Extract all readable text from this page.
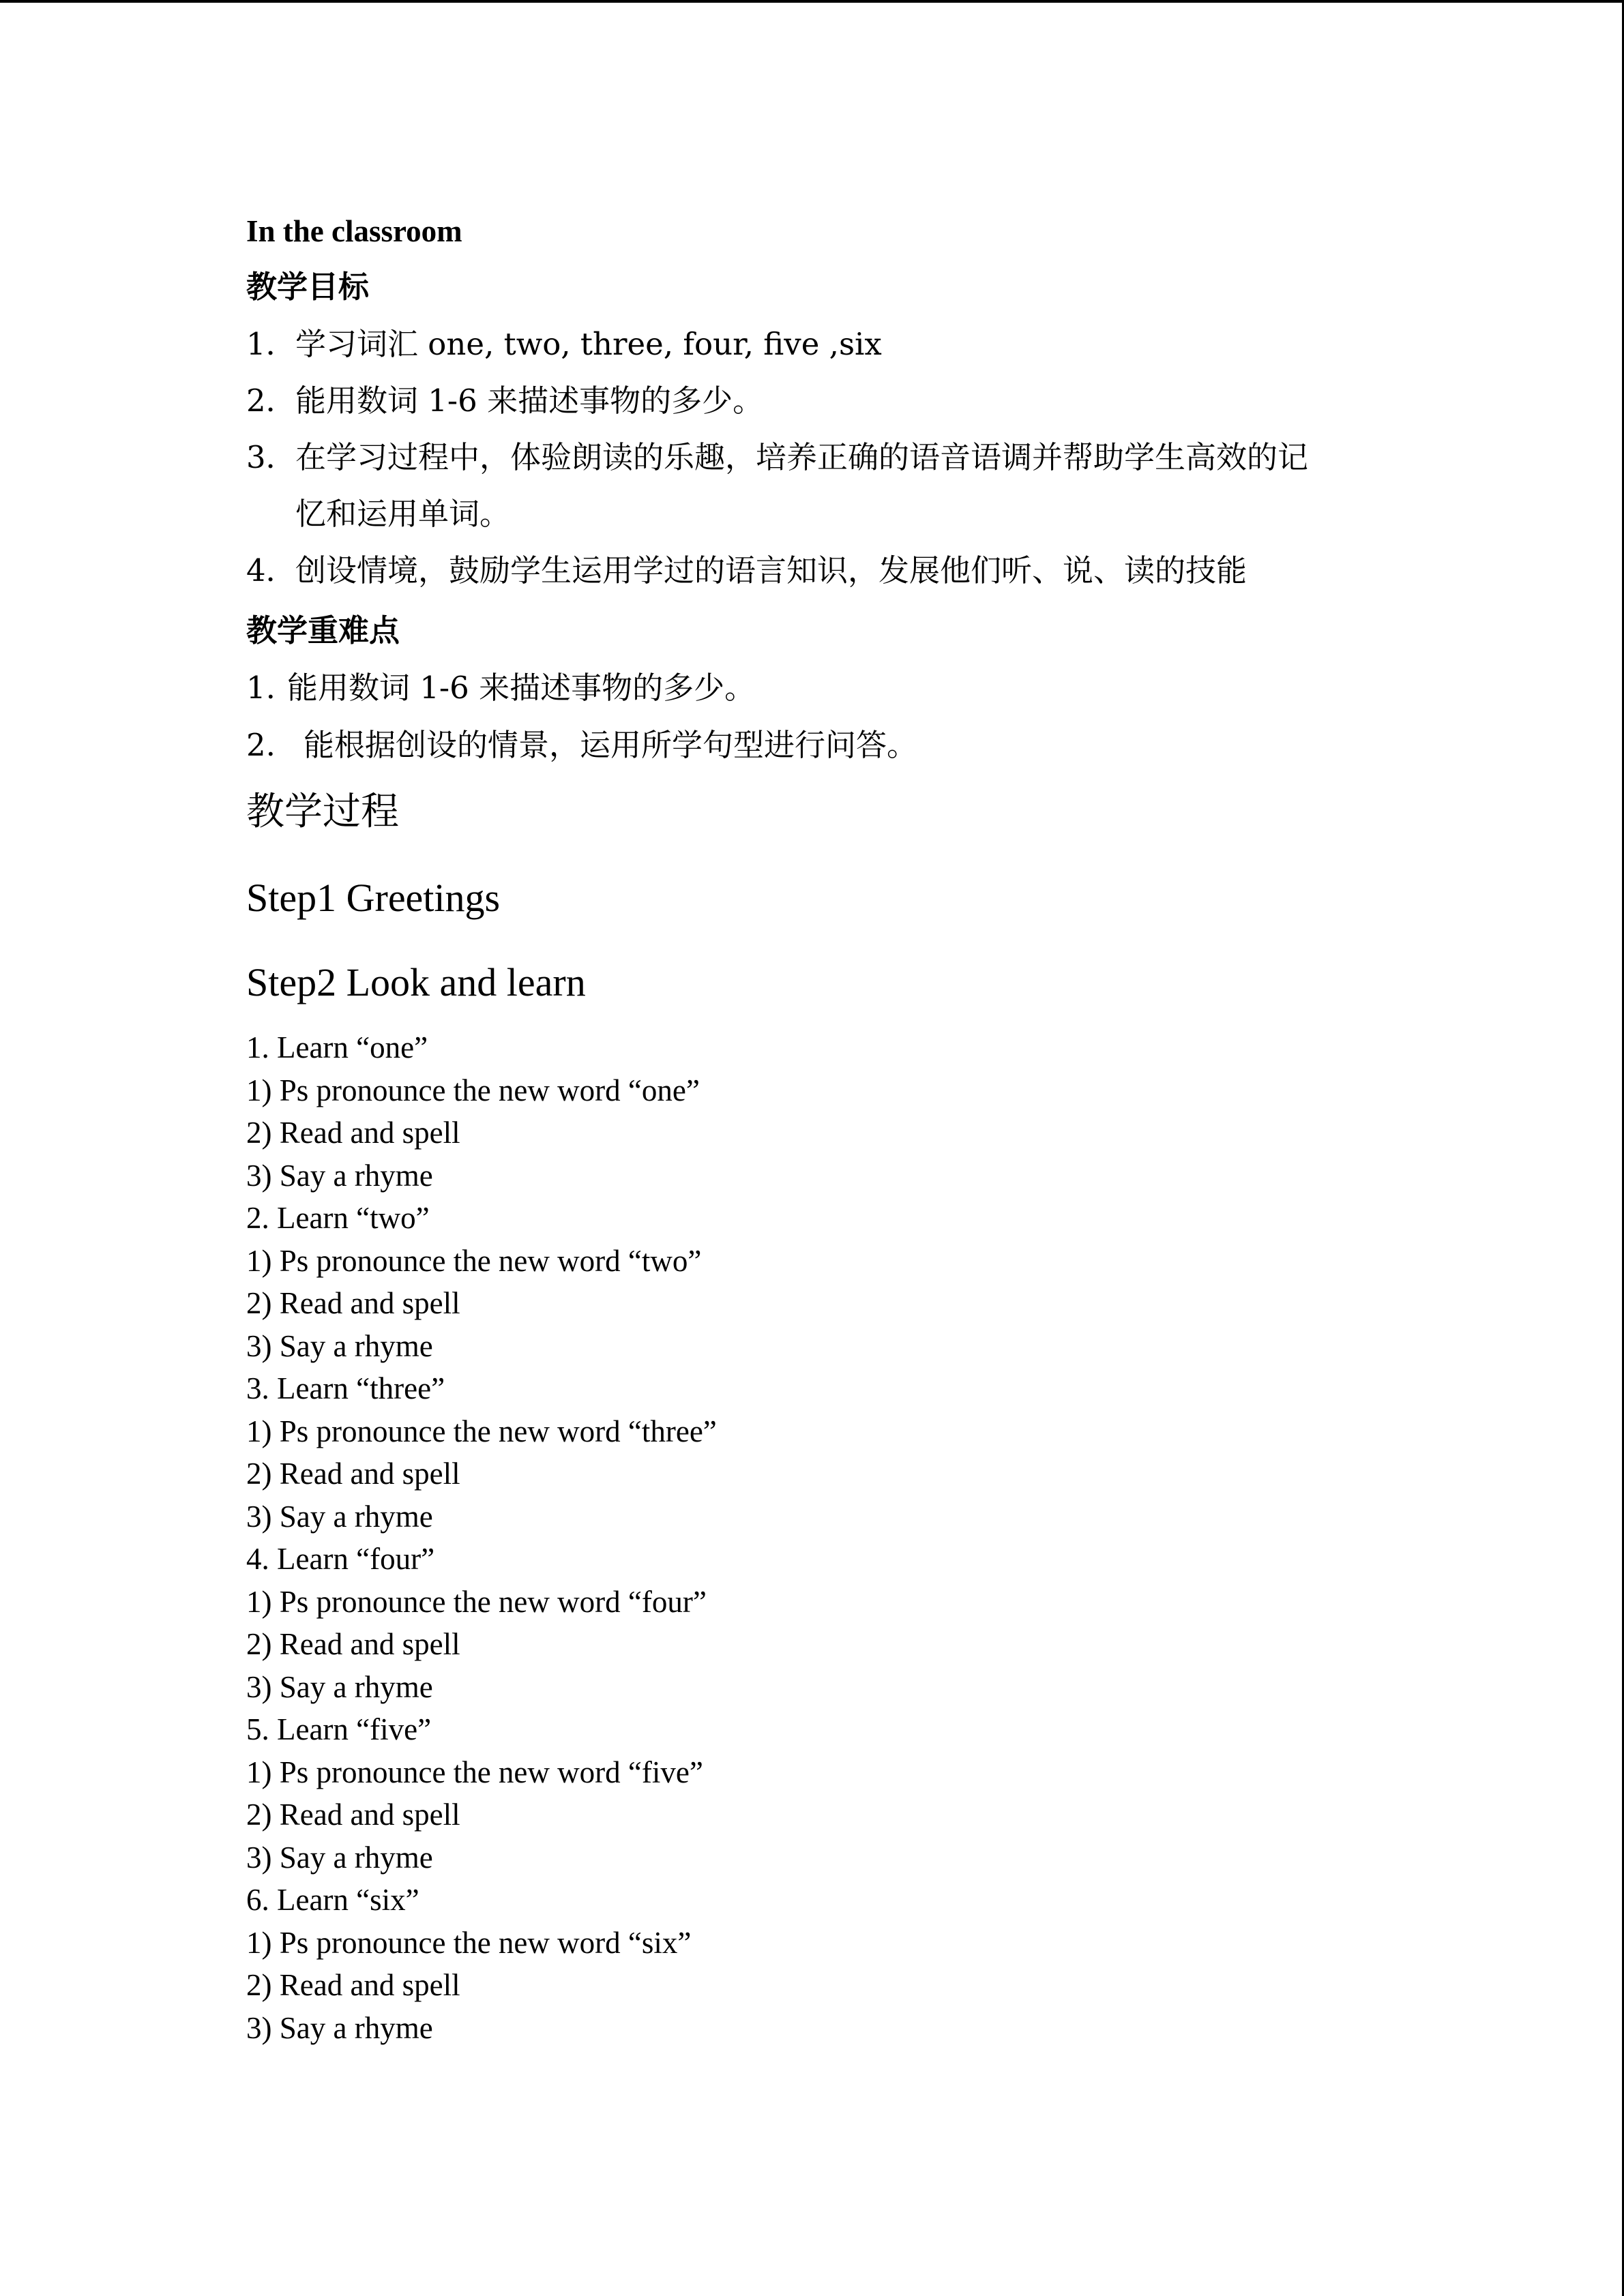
In the classroom
教学目标
1．学习词汇 one, two, three, four, five ,six
2．能用数词 1-6 来描述事物的多少。
3．在学习过程中，体验朗读的乐趣，培养正确的语音语调并帮助学生高效的记
忆和运用单词。
4．创设情境，鼓励学生运用学过的语言知识，发展他们听、说、读的技能
教学重难点
1. 能用数词 1-6 来描述事物的多少。
2. 能根据创设的情景，运用所学句型进行问答。
教学过程
Step1 Greetings
Step2 Look and learn
1. Learn “one”
1) Ps pronounce the new word “one”
2) Read and spell
3) Say a rhyme
2. Learn “two”
1) Ps pronounce the new word “two”
2) Read and spell
3) Say a rhyme
3. Learn “three”
1) Ps pronounce the new word “three”
2) Read and spell
3) Say a rhyme
4. Learn “four”
1) Ps pronounce the new word “four”
2) Read and spell
3) Say a rhyme
5. Learn “five”
1) Ps pronounce the new word “five”
2) Read and spell
3) Say a rhyme
6. Learn “six”
1) Ps pronounce the new word “six”
2) Read and spell
3) Say a rhyme
